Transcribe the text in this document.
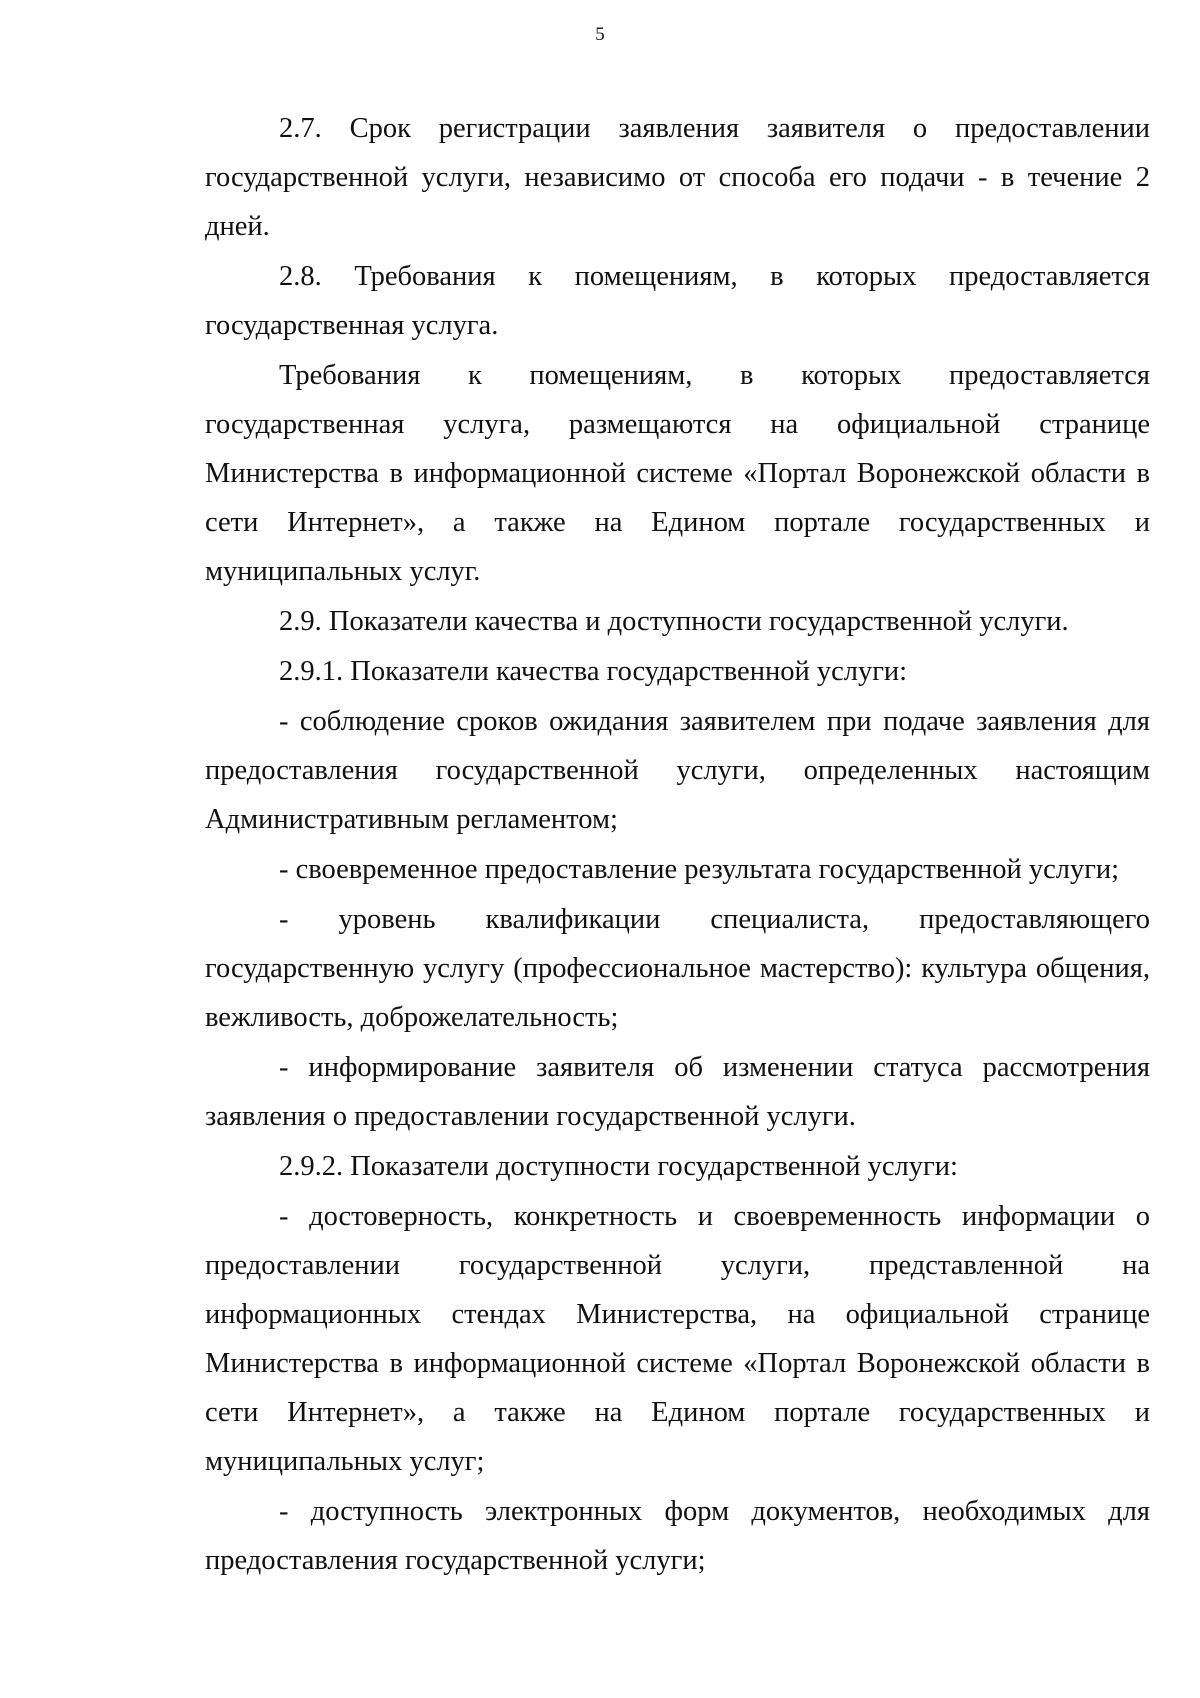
5

2.7. Срок регистрации заявления заявителя о предоставлении государственной услуги, независимо от способа его подачи - в течение 2 дней.

2.8. Требования к помещениям, в которых предоставляется государственная услуга.

Требования к помещениям, в которых предоставляется государственная услуга, размещаются на официальной странице Министерства в информационной системе «Портал Воронежской области в сети Интернет», а также на Едином портале государственных и муниципальных услуг.

2.9. Показатели качества и доступности государственной услуги.

2.9.1. Показатели качества государственной услуги:

- соблюдение сроков ожидания заявителем при подаче заявления для предоставления государственной услуги, определенных настоящим Административным регламентом;

- своевременное предоставление результата государственной услуги;

- уровень квалификации специалиста, предоставляющего государственную услугу (профессиональное мастерство): культура общения, вежливость, доброжелательность;

- информирование заявителя об изменении статуса рассмотрения заявления о предоставлении государственной услуги.

2.9.2. Показатели доступности государственной услуги:

- достоверность, конкретность и своевременность информации о предоставлении государственной услуги, представленной на информационных стендах Министерства, на официальной странице Министерства в информационной системе «Портал Воронежской области в сети Интернет», а также на Едином портале государственных и муниципальных услуг;

- доступность электронных форм документов, необходимых для предоставления государственной услуги;
